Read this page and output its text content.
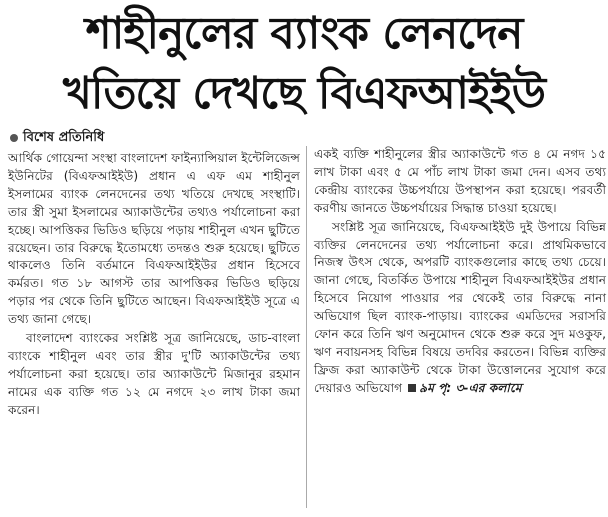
শাহীনুলের ব্যাংক লেনদেন
খতিয়ে দেখছে বিএফআইইউ
বিশেষ প্রতিনিধি

আর্থিক গোয়েন্দা সংস্থা বাংলাদেশ ফাইন্যান্সিয়াল ইন্টেলিজেন্স ইউনিটের (বিএফআইইউ) প্রধান এ এফ এম শাহীনুল ইসলামের ব্যাংক লেনদেনের তথ্য খতিয়ে দেখছে সংস্থাটি। তার স্ত্রী সুমা ইসলামের অ্যাকাউন্টের তথ্যও পর্যালোচনা করা হচ্ছে। আপত্তিকর ভিডিও ছড়িয়ে পড়ায় শাহীনুল এখন ছুটিতে রয়েছেন। তার বিরুদ্ধে ইতোমধ্যে তদন্তও শুরু হয়েছে। ছুটিতে থাকলেও তিনি বর্তমানে বিএফআইইউর প্রধান হিসেবে কর্মরত। গত ১৮ আগস্ট তার আপত্তিকর ভিডিও ছড়িয়ে পড়ার পর থেকে তিনি ছুটিতে আছেন। বিএফআইইউ সূত্রে এ তথ্য জানা গেছে।

বাংলাদেশ ব্যাংকের সংশ্লিষ্ট সূত্র জানিয়েছে, ডাচ-বাংলা ব্যাংকে শাহীনুল এবং তার স্ত্রীর দু'টি অ্যাকাউন্টের তথ্য পর্যালোচনা করা হয়েছে। তার অ্যাকাউন্টে মিজানুর রহমান নামের এক ব্যক্তি গত ১২ মে নগদে ২৩ লাখ টাকা জমা করেন।

একই ব্যক্তি শাহীনুলের স্ত্রীর অ্যাকাউন্টে গত ৪ মে নগদ ১৫ লাখ টাকা এবং ৫ মে পাঁচ লাখ টাকা জমা দেন। এসব তথ্য কেন্দ্রীয় ব্যাংকের উচ্চপর্যায়ে উপস্থাপন করা হয়েছে। পরবর্তী করণীয় জানতে উচ্চপর্যায়ের সিদ্ধান্ত চাওয়া হয়েছে।

সংশ্লিষ্ট সূত্র জানিয়েছে, বিএফআইইউ দুই উপায়ে বিভিন্ন ব্যক্তির লেনদেনের তথ্য পর্যালোচনা করে। প্রাথমিকভাবে নিজস্ব উৎস থেকে, অপরটি ব্যাংকগুলোর কাছে তথ্য চেয়ে। জানা গেছে, বিতর্কিত উপায়ে শাহীনুল বিএফআইইউর প্রধান হিসেবে নিয়োগ পাওয়ার পর থেকেই তার বিরুদ্ধে নানা অভিযোগ ছিল ব্যাংক-পাড়ায়। ব্যাংকের এমডিদের সরাসরি ফোন করে তিনি ঋণ অনুমোদন থেকে শুরু করে সুদ মওকুফ, ঋণ নবায়নসহ বিভিন্ন বিষয়ে তদবির করতেন। বিভিন্ন ব্যক্তির ফ্রিজ করা অ্যাকাউন্ট থেকে টাকা উত্তোলনের সুযোগ করে দেয়ারও অভিযোগ ৯ম পৃ: ৩-এর কলামে
